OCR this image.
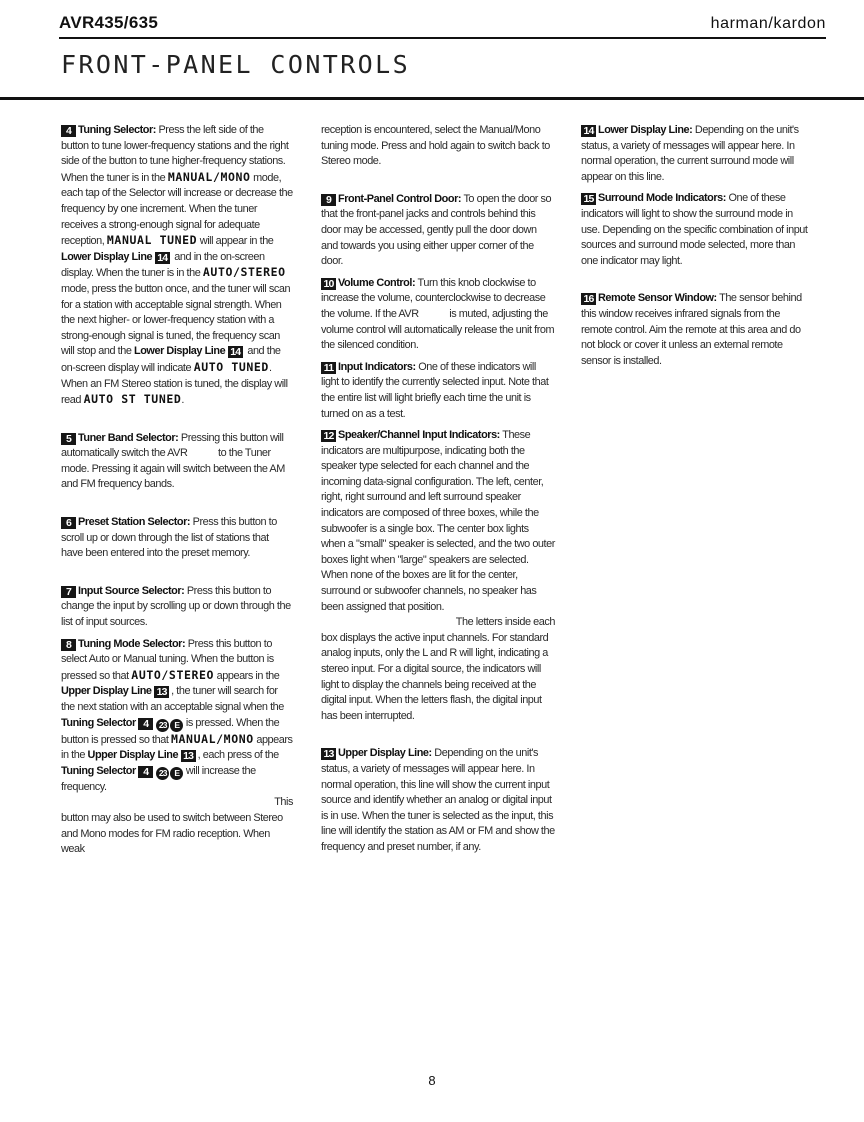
AVR435/635	harman/kardon
FRONT-PANEL CONTROLS

4 Tuning Selector: Press the left side of the button to tune lower-frequency stations and the right side of the button to tune higher-frequency stations. When the tuner is in the MANUAL/MONO mode, each tap of the Selector will increase or decrease the frequency by one increment. When the tuner receives a strong-enough signal for adequate reception, MANUAL TUNED will appear in the Lower Display Line 14 and in the on-screen display. When the tuner is in the AUTO/STEREO mode, press the button once, and the tuner will scan for a station with acceptable signal strength. When the next higher- or lower-frequency station with a strong-enough signal is tuned, the frequency scan will stop and the Lower Display Line 14 and the on-screen display will indicate AUTO TUNED. When an FM Stereo station is tuned, the display will read AUTO ST TUNED.

5 Tuner Band Selector: Pressing this button will automatically switch the AVR	to the Tuner mode. Pressing it again will switch between the AM and FM frequency bands.

6 Preset Station Selector: Press this button to scroll up or down through the list of stations that have been entered into the preset memory.

7 Input Source Selector: Press this button to change the input by scrolling up or down through the list of input sources.

8 Tuning Mode Selector: Press this button to select Auto or Manual tuning. When the button is pressed so that AUTO/STEREO appears in the Upper Display Line 13 , the tuner will search for the next station with an acceptable signal when the Tuning Selector 4 23 E is pressed. When the button is pressed so that MANUAL/MONO appears in the Upper Display Line 13 , each press of the Tuning Selector 4 23 E will increase the frequency.
This
button may also be used to switch between Stereo and Mono modes for FM radio reception. When weak

reception is encountered, select the Manual/Mono tuning mode. Press and hold again to switch back to Stereo mode.

9 Front-Panel Control Door: To open the door so that the front-panel jacks and controls behind this door may be accessed, gently pull the door down and towards you using either upper corner of the door.

10 Volume Control: Turn this knob clockwise to increase the volume, counterclockwise to decrease the volume. If the AVR	is muted, adjusting the volume control will automatically release the unit from the silenced condition.

11 Input Indicators: One of these indicators will light to identify the currently selected input. Note that the entire list will light briefly each time the unit is turned on as a test.

12 Speaker/Channel Input Indicators: These indicators are multipurpose, indicating both the speaker type selected for each channel and the incoming data-signal configuration. The left, center, right, right surround and left surround speaker indicators are composed of three boxes, while the subwoofer is a single box. The center box lights when a "small" speaker is selected, and the two outer boxes light when "large" speakers are selected. When none of the boxes are lit for the center, surround or subwoofer channels, no speaker has been assigned that position.
The letters inside each
box displays the active input channels. For standard analog inputs, only the L and R will light, indicating a stereo input. For a digital source, the indicators will light to display the channels being received at the digital input. When the letters flash, the digital input has been interrupted.

13 Upper Display Line: Depending on the unit's status, a variety of messages will appear here. In normal operation, this line will show the current input source and identify whether an analog or digital input is in use. When the tuner is selected as the input, this line will identify the station as AM or FM and show the frequency and preset number, if any.

14 Lower Display Line: Depending on the unit's status, a variety of messages will appear here. In normal operation, the current surround mode will appear on this line.

15 Surround Mode Indicators: One of these indicators will light to show the surround mode in use. Depending on the specific combination of input sources and surround mode selected, more than one indicator may light.

16 Remote Sensor Window: The sensor behind this window receives infrared signals from the remote control. Aim the remote at this area and do not block or cover it unless an external remote sensor is installed.

8
